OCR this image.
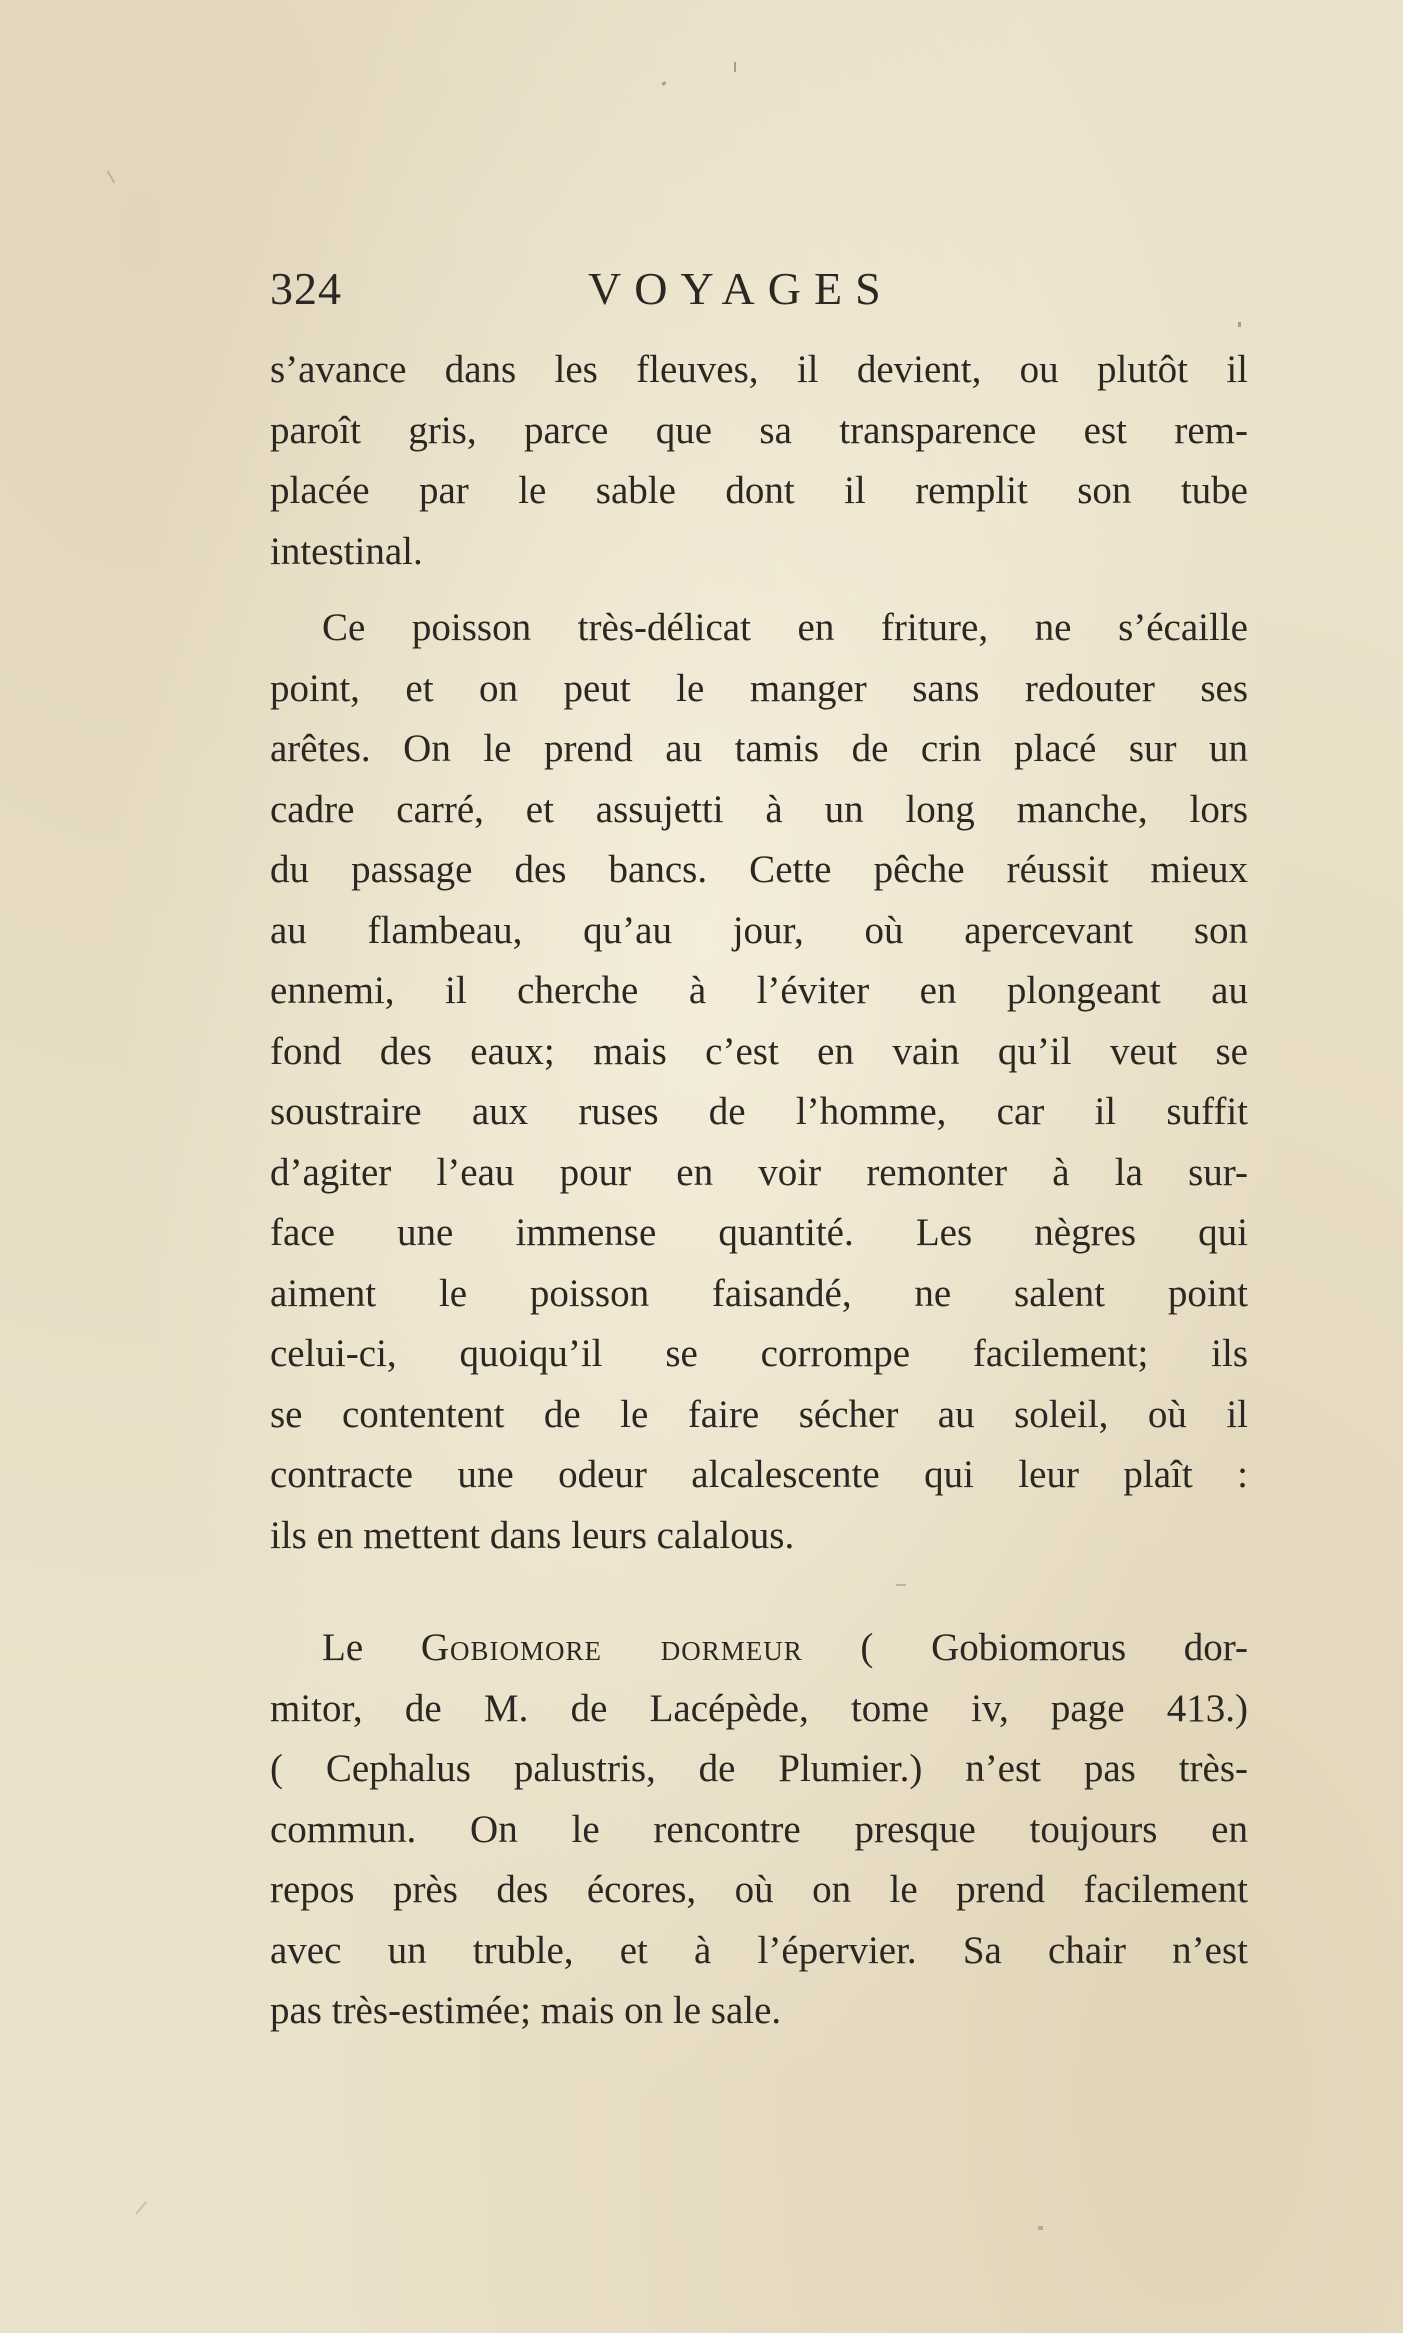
324	VOYAGES
s’avance dans les fleuves, il devient, ou plutôt il
paroît gris, parce que sa transparence est rem-
placée par le sable dont il remplit son tube
intestinal.
Ce poisson très-délicat en friture, ne s’écaille
point, et on peut le manger sans redouter ses
arêtes. On le prend au tamis de crin placé sur un
cadre carré, et assujetti à un long manche, lors
du passage des bancs. Cette pêche réussit mieux
au flambeau, qu’au jour, où apercevant son
ennemi, il cherche à l’éviter en plongeant au
fond des eaux; mais c’est en vain qu’il veut se
soustraire aux ruses de l’homme, car il suffit
d’agiter l’eau pour en voir remonter à la sur-
face une immense quantité. Les nègres qui
aiment le poisson faisandé, ne salent point
celui-ci, quoiqu’il se corrompe facilement; ils
se contentent de le faire sécher au soleil, où il
contracte une odeur alcalescente qui leur plaît :
ils en mettent dans leurs calalous.
Le Gobiomore dormeur ( Gobiomorus dor-
mitor, de M. de Lacépède, tome iv, page 413.)
( Cephalus palustris, de Plumier.) n’est pas très-
commun. On le rencontre presque toujours en
repos près des écores, où on le prend facilement
avec un truble, et à l’épervier. Sa chair n’est
pas très-estimée; mais on le sale.
